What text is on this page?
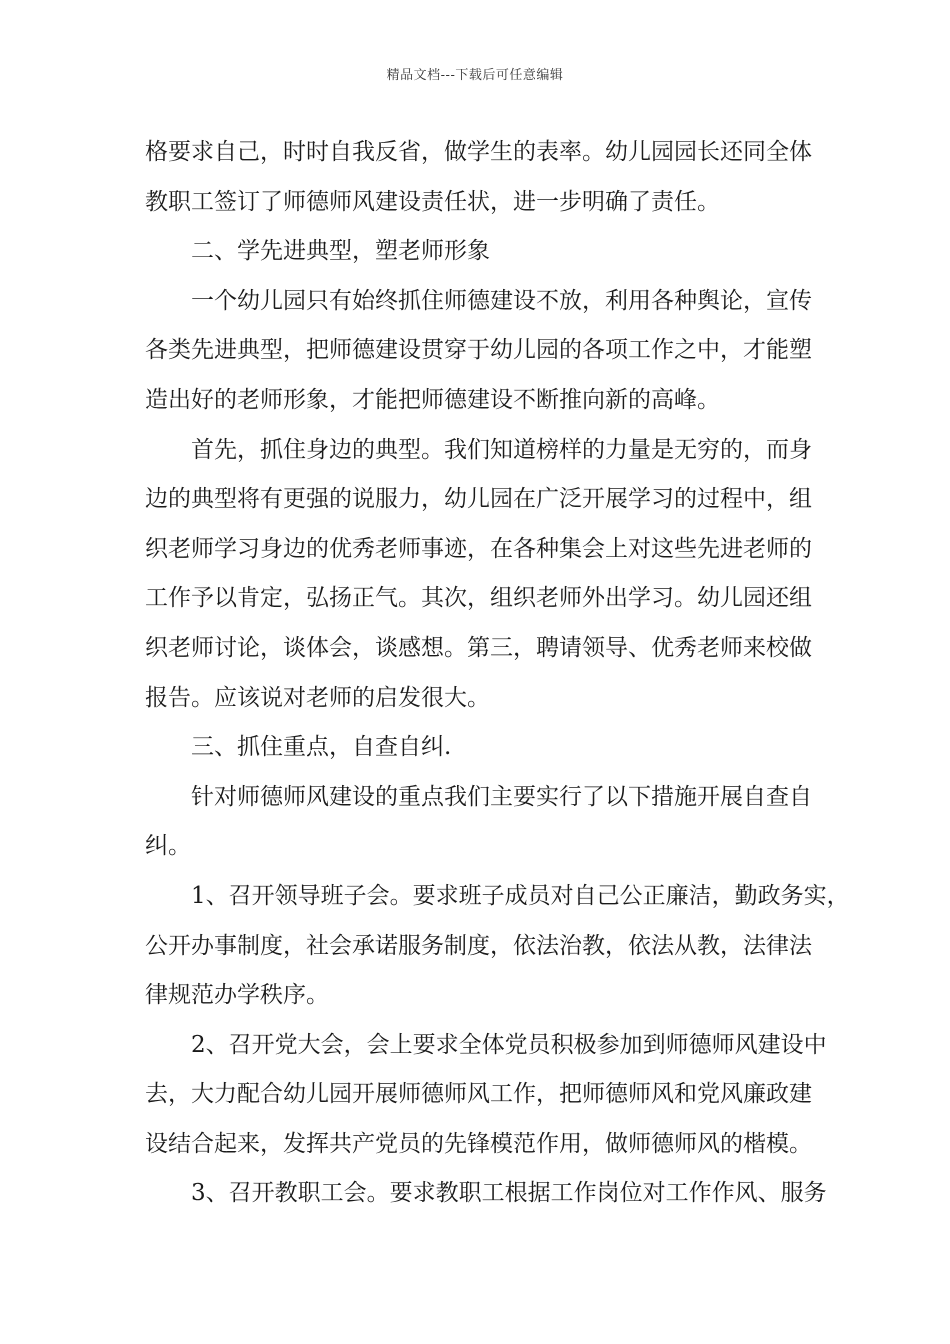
精品文档---下载后可任意编辑
格要求自己，时时自我反省，做学生的表率。幼儿园园长还同全体
教职工签订了师德师风建设责任状，进一步明确了责任。
二、学先进典型，塑老师形象
一个幼儿园只有始终抓住师德建设不放，利用各种舆论，宣传
各类先进典型，把师德建设贯穿于幼儿园的各项工作之中，才能塑
造出好的老师形象，才能把师德建设不断推向新的高峰。
首先，抓住身边的典型。我们知道榜样的力量是无穷的，而身
边的典型将有更强的说服力，幼儿园在广泛开展学习的过程中，组
织老师学习身边的优秀老师事迹，在各种集会上对这些先进老师的
工作予以肯定，弘扬正气。其次，组织老师外出学习。幼儿园还组
织老师讨论，谈体会，谈感想。第三，聘请领导、优秀老师来校做
报告。应该说对老师的启发很大。
三、抓住重点，自查自纠.
针对师德师风建设的重点我们主要实行了以下措施开展自查自
纠。
1、召开领导班子会。要求班子成员对自己公正廉洁，勤政务实，
公开办事制度，社会承诺服务制度，依法治教，依法从教，法律法
律规范办学秩序。
2、召开党大会，会上要求全体党员积极参加到师德师风建设中
去，大力配合幼儿园开展师德师风工作，把师德师风和党风廉政建
设结合起来，发挥共产党员的先锋模范作用，做师德师风的楷模。
3、召开教职工会。要求教职工根据工作岗位对工作作风、服务
